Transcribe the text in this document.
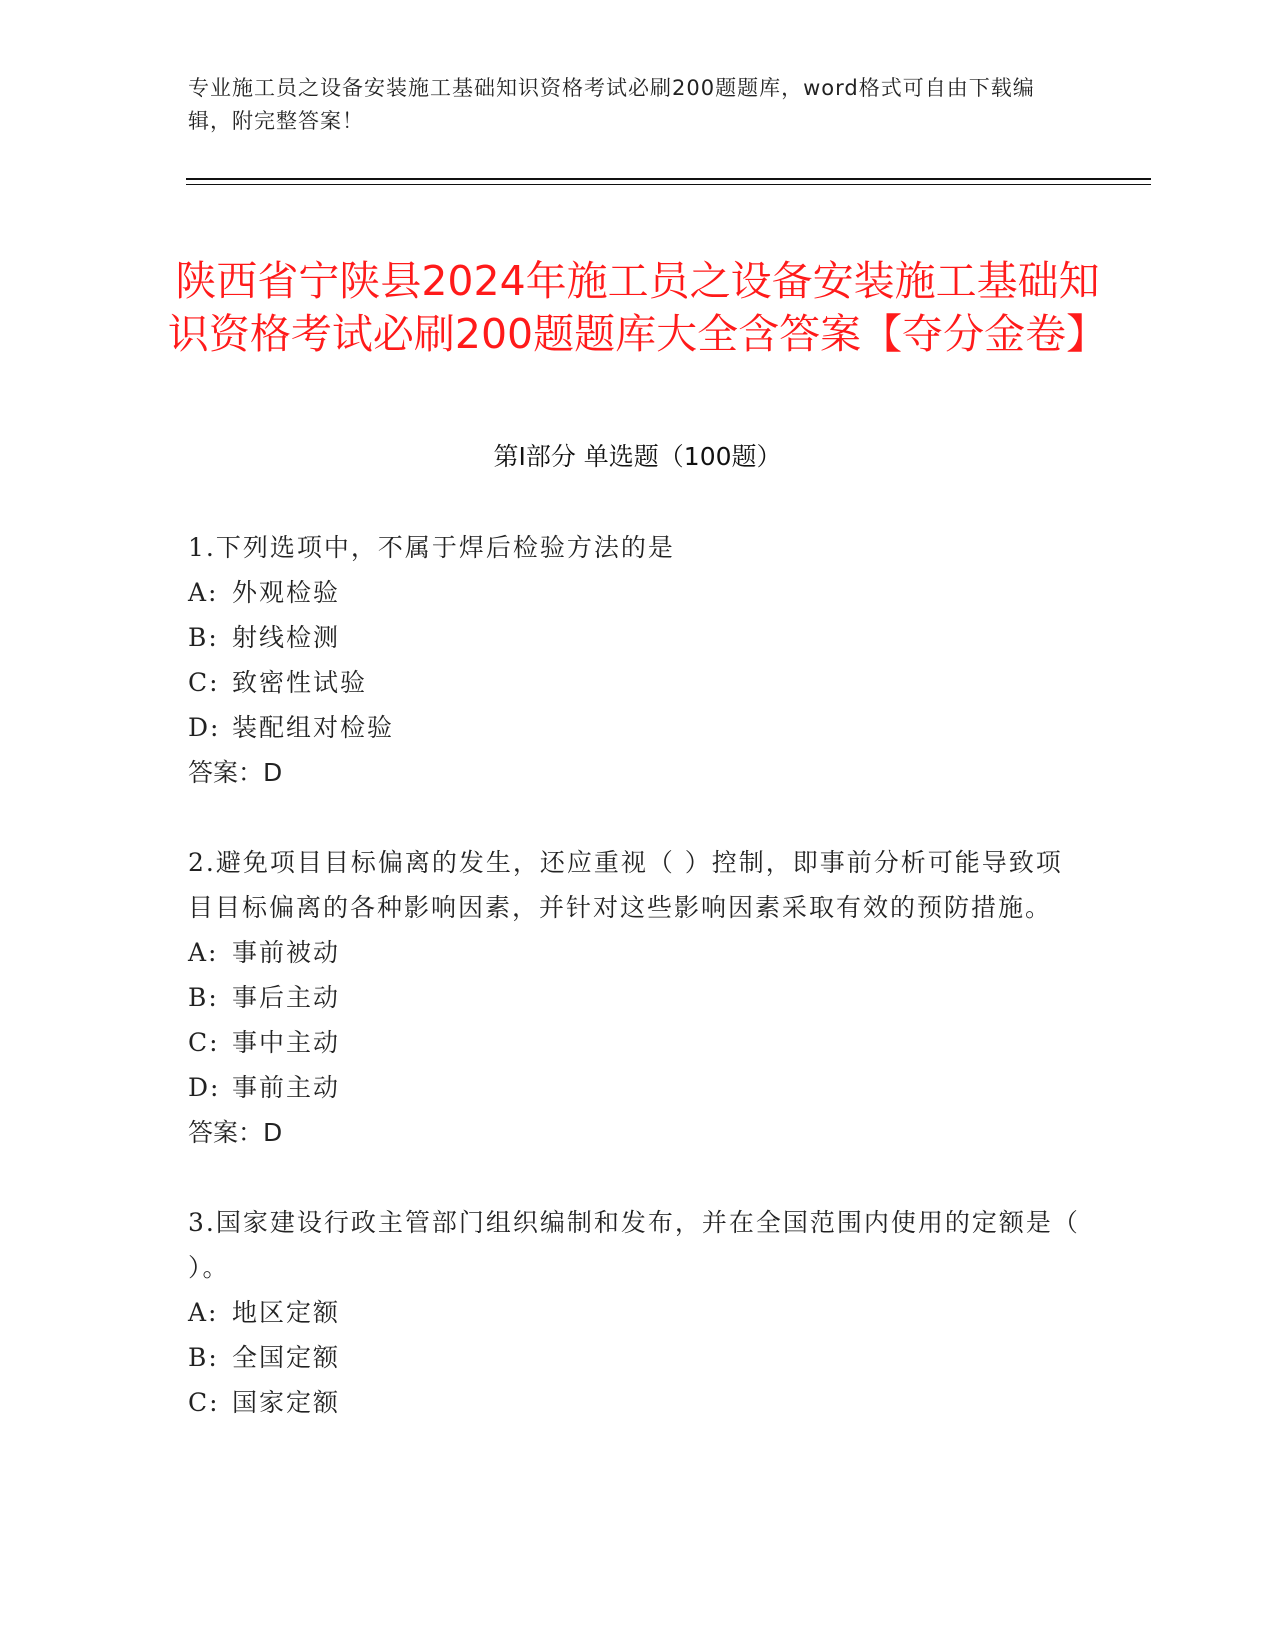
专业施工员之设备安装施工基础知识资格考试必刷200题题库，word格式可自由下载编辑，附完整答案！
陕西省宁陕县2024年施工员之设备安装施工基础知识资格考试必刷200题题库大全含答案【夺分金卷】
第Ⅰ部分 单选题（100题）
1.下列选项中，不属于焊后检验方法的是
A: 外观检验
B: 射线检测
C: 致密性试验
D: 装配组对检验
答案：D
2.避免项目目标偏离的发生，还应重视（ ）控制，即事前分析可能导致项目目标偏离的各种影响因素，并针对这些影响因素采取有效的预防措施。
A: 事前被动
B: 事后主动
C: 事中主动
D: 事前主动
答案：D
3.国家建设行政主管部门组织编制和发布，并在全国范围内使用的定额是（ ）。
A: 地区定额
B: 全国定额
C: 国家定额
